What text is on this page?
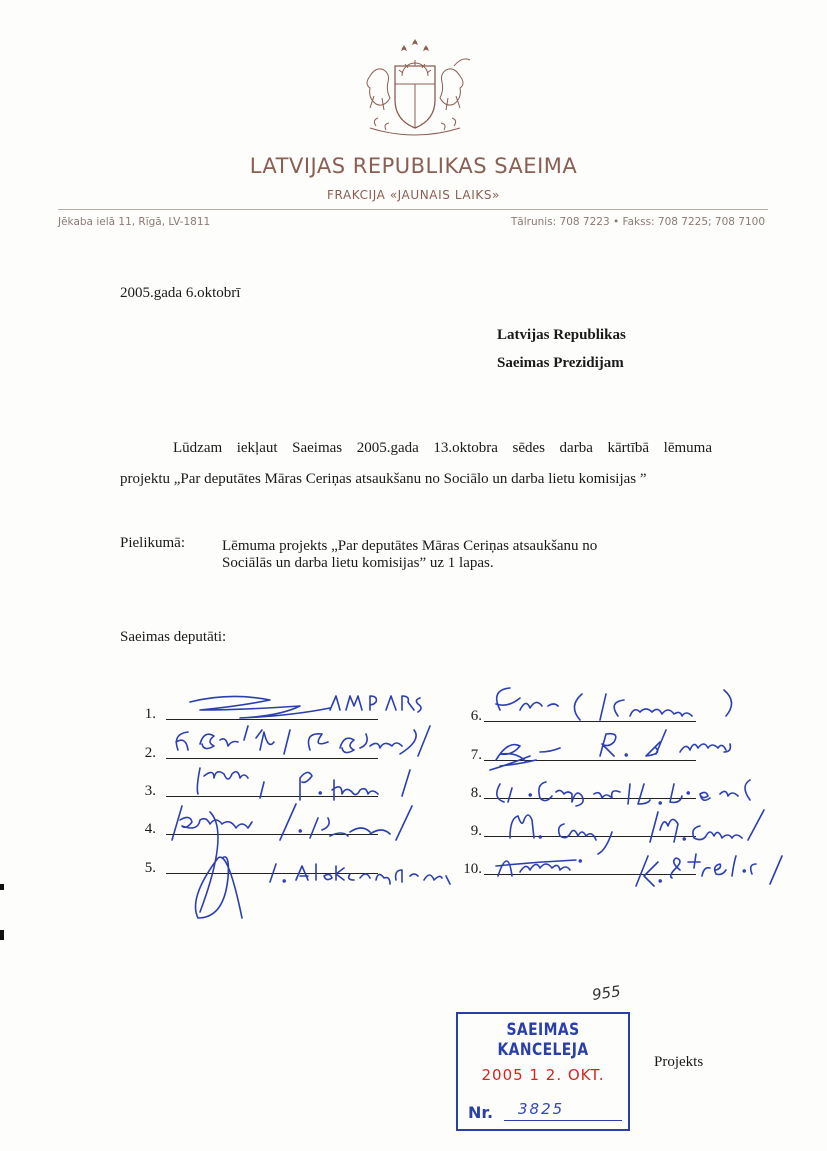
LATVIJAS REPUBLIKAS SAEIMA
FRAKCIJA «JAUNAIS LAIKS»
Jēkaba ielā 11, Rīgā, LV-1811	Tālrunis: 708 7223 • Fakss: 708 7225; 708 7100
2005.gada 6.oktobrī
Latvijas Republikas
Saeimas Prezidijam
Lūdzam iekļaut Saeimas 2005.gada 13.oktobra sēdes darba kārtībā lēmuma
projektu „Par deputātes Māras Ceriņas atsaukšanu no Sociālo un darba lietu komisijas ”
Pielikumā: Lēmuma projekts „Par deputātes Māras Ceriņas atsaukšanu no
Sociālās un darba lietu komisijas” uz 1 lapas.
Saeimas deputāti:
1.
2.
3.
4.
5.
6.
7.
8.
9.
10.
955
SAEIMAS KANCELEJA
2005 1 2. OKT.
Nr. 3825
Projekts
